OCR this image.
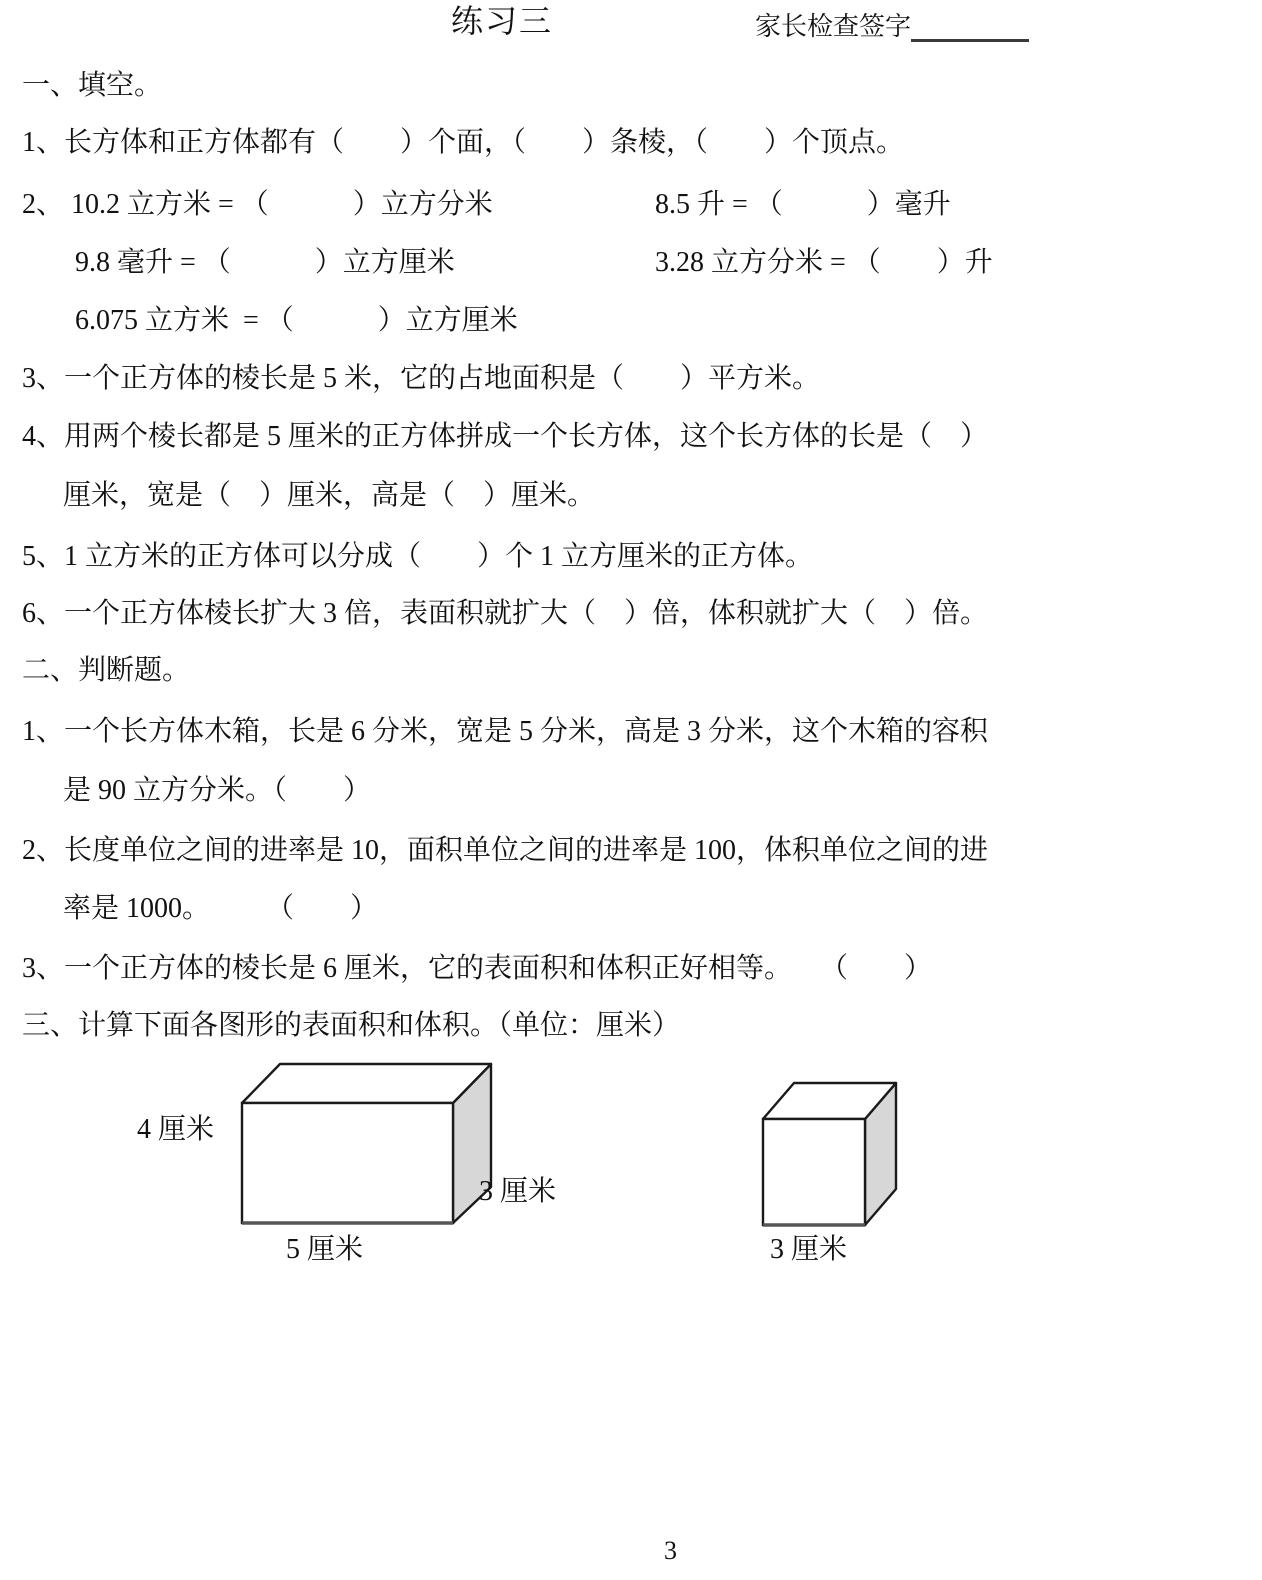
练习三	家长检查签字
一、填空。
1、长方体和正方体都有（　　）个面，（　　）条棱，（　　）个顶点。
2、 10.2 立方米 = （　　　）立方分米	8.5 升 = （　　　）毫升
9.8 毫升 = （　　　）立方厘米	3.28 立方分米 = （　　）升
6.075 立方米  = （　　　）立方厘米
3、一个正方体的棱长是 5 米，它的占地面积是（　　）平方米。
4、用两个棱长都是 5 厘米的正方体拼成一个长方体，这个长方体的长是（　）
厘米，宽是（　）厘米，高是（　）厘米。
5、1 立方米的正方体可以分成（　　）个 1 立方厘米的正方体。
6、一个正方体棱长扩大 3 倍，表面积就扩大（　）倍，体积就扩大（　）倍。
二、判断题。
1、一个长方体木箱，长是 6 分米，宽是 5 分米，高是 3 分米，这个木箱的容积
是 90 立方分米。（　　）
2、长度单位之间的进率是 10，面积单位之间的进率是 100，体积单位之间的进
率是 1000。　　　（　　）
3、一个正方体的棱长是 6 厘米，它的表面积和体积正好相等。　　（　　）
三、计算下面各图形的表面积和体积。（单位：厘米）
4 厘米
5 厘米
3 厘米
3 厘米
3
